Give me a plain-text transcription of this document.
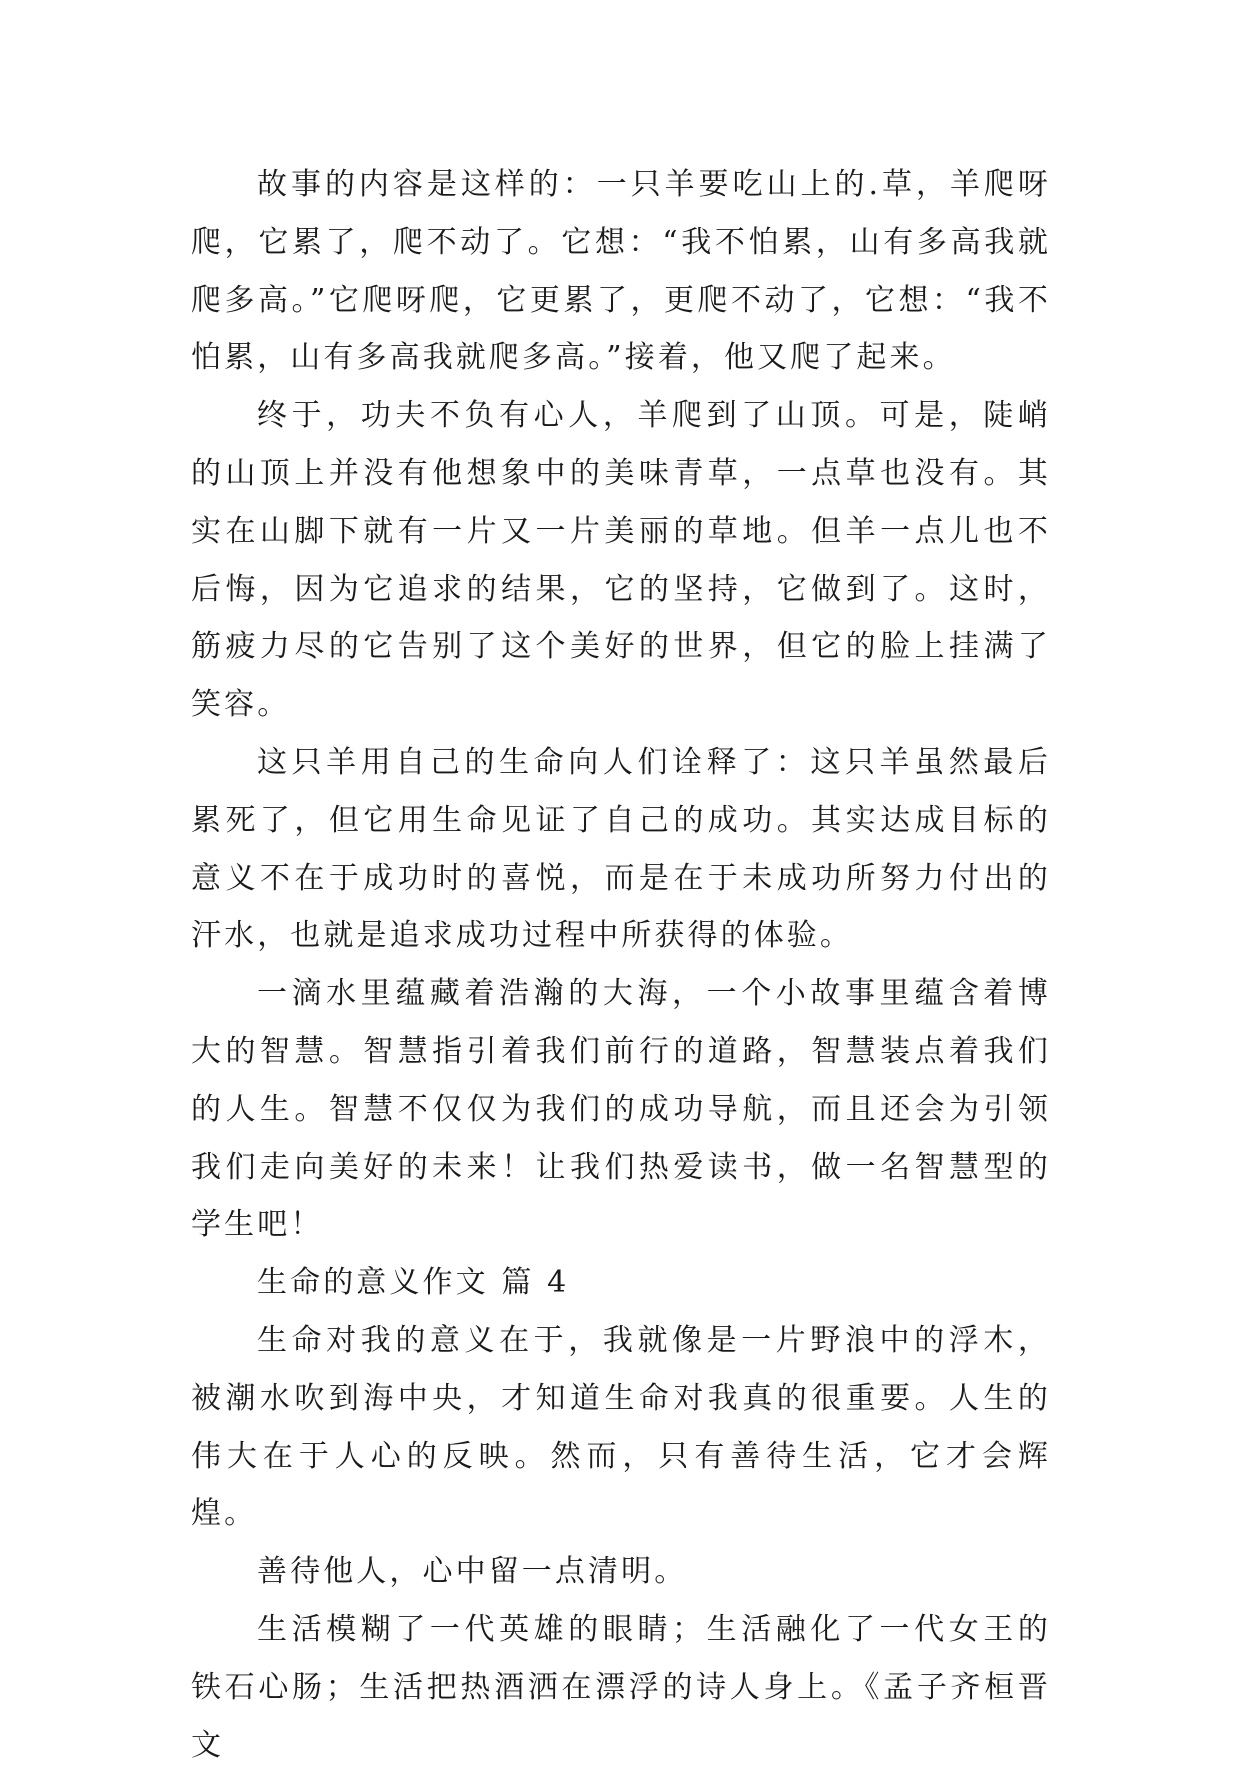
故事的内容是这样的：一只羊要吃山上的.草，羊爬呀爬，它累了，爬不动了。它想：“我不怕累，山有多高我就爬多高。”它爬呀爬，它更累了，更爬不动了，它想：“我不怕累，山有多高我就爬多高。”接着，他又爬了起来。

终于，功夫不负有心人，羊爬到了山顶。可是，陡峭的山顶上并没有他想象中的美味青草，一点草也没有。其实在山脚下就有一片又一片美丽的草地。但羊一点儿也不后悔，因为它追求的结果，它的坚持，它做到了。这时，筋疲力尽的它告别了这个美好的世界，但它的脸上挂满了笑容。

这只羊用自己的生命向人们诠释了：这只羊虽然最后累死了，但它用生命见证了自己的成功。其实达成目标的意义不在于成功时的喜悦，而是在于未成功所努力付出的汗水，也就是追求成功过程中所获得的体验。

一滴水里蕴藏着浩瀚的大海，一个小故事里蕴含着博大的智慧。智慧指引着我们前行的道路，智慧装点着我们的人生。智慧不仅仅为我们的成功导航，而且还会为引领我们走向美好的未来！让我们热爱读书，做一名智慧型的学生吧！

生命的意义作文 篇 4

生命对我的意义在于，我就像是一片野浪中的浮木，被潮水吹到海中央，才知道生命对我真的很重要。人生的伟大在于人心的反映。然而，只有善待生活，它才会辉煌。

善待他人，心中留一点清明。

生活模糊了一代英雄的眼睛；生活融化了一代女王的铁石心肠；生活把热酒洒在漂浮的诗人身上。《孟子齐桓晋文
